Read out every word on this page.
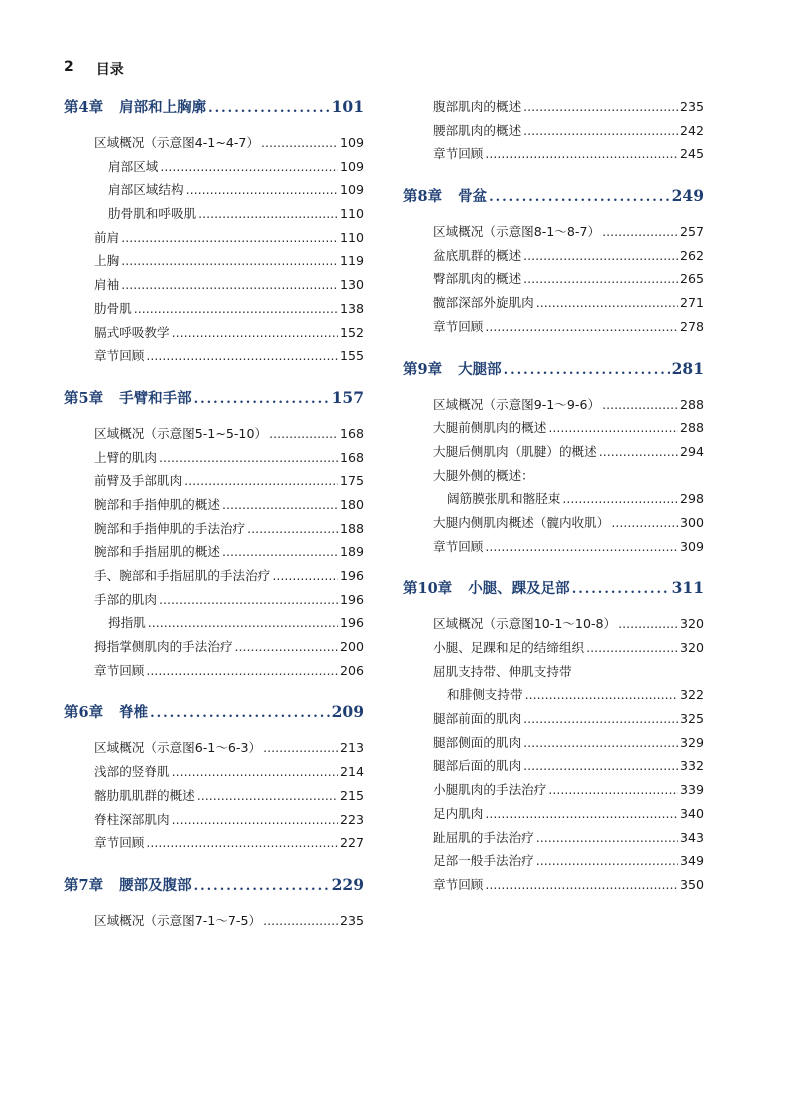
2 目录
第4章 肩部和上胸廓 .....	101
区域概况（示意图4-1~4-7） .....	109
肩部区域 .....	109
肩部区域结构 .....	109
肋骨肌和呼吸肌 .....	110
前肩 .....	110
上胸 .....	119
肩袖 .....	130
肋骨肌 .....	138
膈式呼吸教学 .....	152
章节回顾 .....	155
第5章 手臂和手部 .....	157
区域概况（示意图5-1~5-10） .....	168
上臂的肌肉 .....	168
前臂及手部肌肉 .....	175
腕部和手指伸肌的概述 .....	180
腕部和手指伸肌的手法治疗 .....	188
腕部和手指屈肌的概述 .....	189
手、腕部和手指屈肌的手法治疗 .....	196
手部的肌肉 .....	196
拇指肌 .....	196
拇指掌侧肌肉的手法治疗 .....	200
章节回顾 .....	206
第6章 脊椎 .....	209
区域概况（示意图6-1～6-3） .....	213
浅部的竖脊肌 .....	214
髂肋肌肌群的概述 .....	215
脊柱深部肌肉 .....	223
章节回顾 .....	227
第7章 腰部及腹部 .....	229
区域概况（示意图7-1～7-5） .....	235
腹部肌肉的概述 .....	235
腰部肌肉的概述 .....	242
章节回顾 .....	245
第8章 骨盆 .....	249
区域概况（示意图8-1～8-7） .....	257
盆底肌群的概述 .....	262
臀部肌肉的概述 .....	265
髋部深部外旋肌肉 .....	271
章节回顾 .....	278
第9章 大腿部 .....	281
区域概况（示意图9-1～9-6） .....	288
大腿前侧肌肉的概述 .....	288
大腿后侧肌肉（肌腱）的概述 .....	294
大腿外侧的概述：
阔筋膜张肌和髂胫束 .....	298
大腿内侧肌肉概述（髋内收肌） .....	300
章节回顾 .....	309
第10章 小腿、踝及足部 .....	311
区域概况（示意图10-1～10-8） .....	320
小腿、足踝和足的结缔组织 .....	320
屈肌支持带、伸肌支持带
和腓侧支持带 .....	322
腿部前面的肌肉 .....	325
腿部侧面的肌肉 .....	329
腿部后面的肌肉 .....	332
小腿肌肉的手法治疗 .....	339
足内肌肉 .....	340
趾屈肌的手法治疗 .....	343
足部一般手法治疗 .....	349
章节回顾 .....	350
